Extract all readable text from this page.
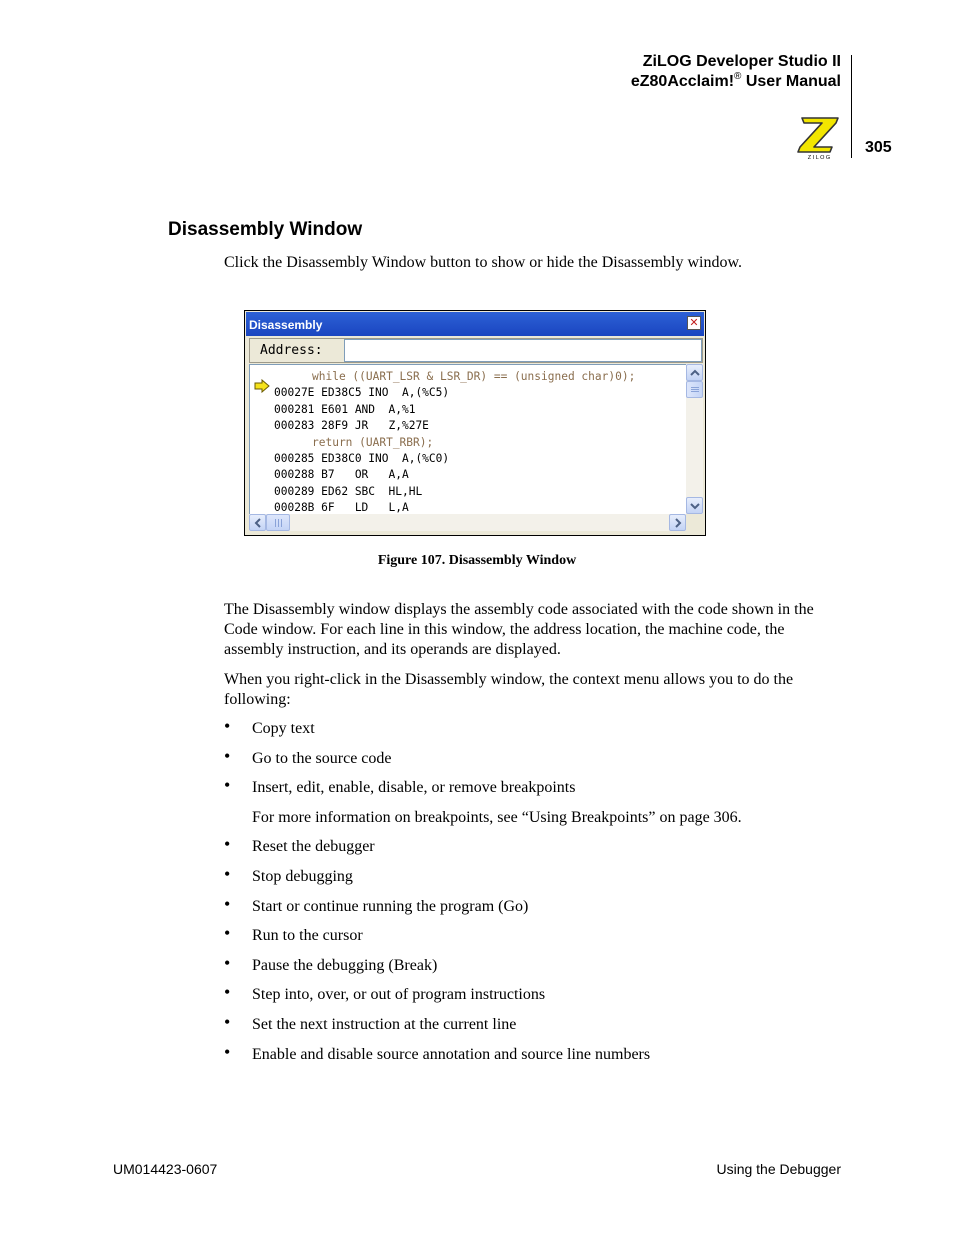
ZiLOG Developer Studio II
eZ80Acclaim!® User Manual
Z I L O G
305
Disassembly Window
Click the Disassembly Window button to show or hide the Disassembly window.
Disassembly	✕
Address:
while ((UART_LSR & LSR_DR) == (unsigned char)0);
00027E ED38C5 INO  A,(%C5)
000281 E601 AND  A,%1
000283 28F9 JR   Z,%27E
return (UART_RBR);
000285 ED38C0 INO  A,(%C0)
000288 B7   OR   A,A
000289 ED62 SBC  HL,HL
00028B 6F   LD   L,A
Figure 107. Disassembly Window
The Disassembly window displays the assembly code associated with the code shown in the Code window. For each line in this window, the address location, the machine code, the assembly instruction, and its operands are displayed.
When you right-click in the Disassembly window, the context menu allows you to do the following:
• Copy text
• Go to the source code
• Insert, edit, enable, disable, or remove breakpoints
• Reset the debugger
• Stop debugging
• Start or continue running the program (Go)
• Run to the cursor
• Pause the debugging (Break)
• Step into, over, or out of program instructions
• Set the next instruction at the current line
• Enable and disable source annotation and source line numbers
For more information on breakpoints, see “Using Breakpoints” on page 306.
UM014423-0607	Using the Debugger
